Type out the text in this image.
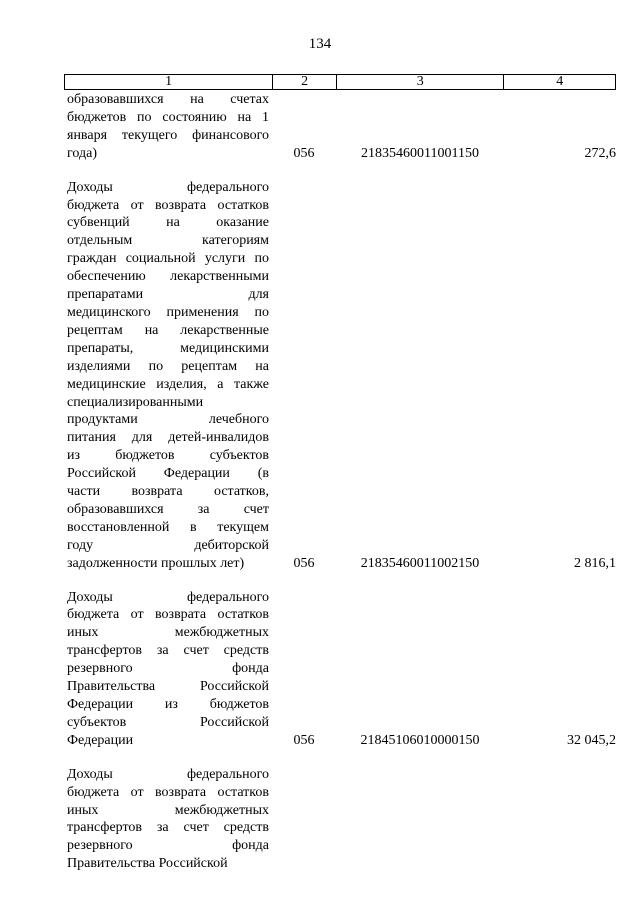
134
1	2	3	4
образовавшихся на счетах
бюджетов по состоянию на 1
января текущего финансового
года)	056	21835460011001150	272,6
Доходы федерального
бюджета от возврата остатков
субвенций на оказание
отдельным категориям
граждан социальной услуги по
обеспечению лекарственными
препаратами для
медицинского применения по
рецептам на лекарственные
препараты, медицинскими
изделиями по рецептам на
медицинские изделия, а также
специализированными
продуктами лечебного
питания для детей-инвалидов
из бюджетов субъектов
Российской Федерации (в
части возврата остатков,
образовавшихся за счет
восстановленной в текущем
году дебиторской
задолженности прошлых лет)	056	21835460011002150	2 816,1
Доходы федерального
бюджета от возврата остатков
иных межбюджетных
трансфертов за счет средств
резервного фонда
Правительства Российской
Федерации из бюджетов
субъектов Российской
Федерации	056	21845106010000150	32 045,2
Доходы федерального
бюджета от возврата остатков
иных межбюджетных
трансфертов за счет средств
резервного фонда
Правительства Российской
